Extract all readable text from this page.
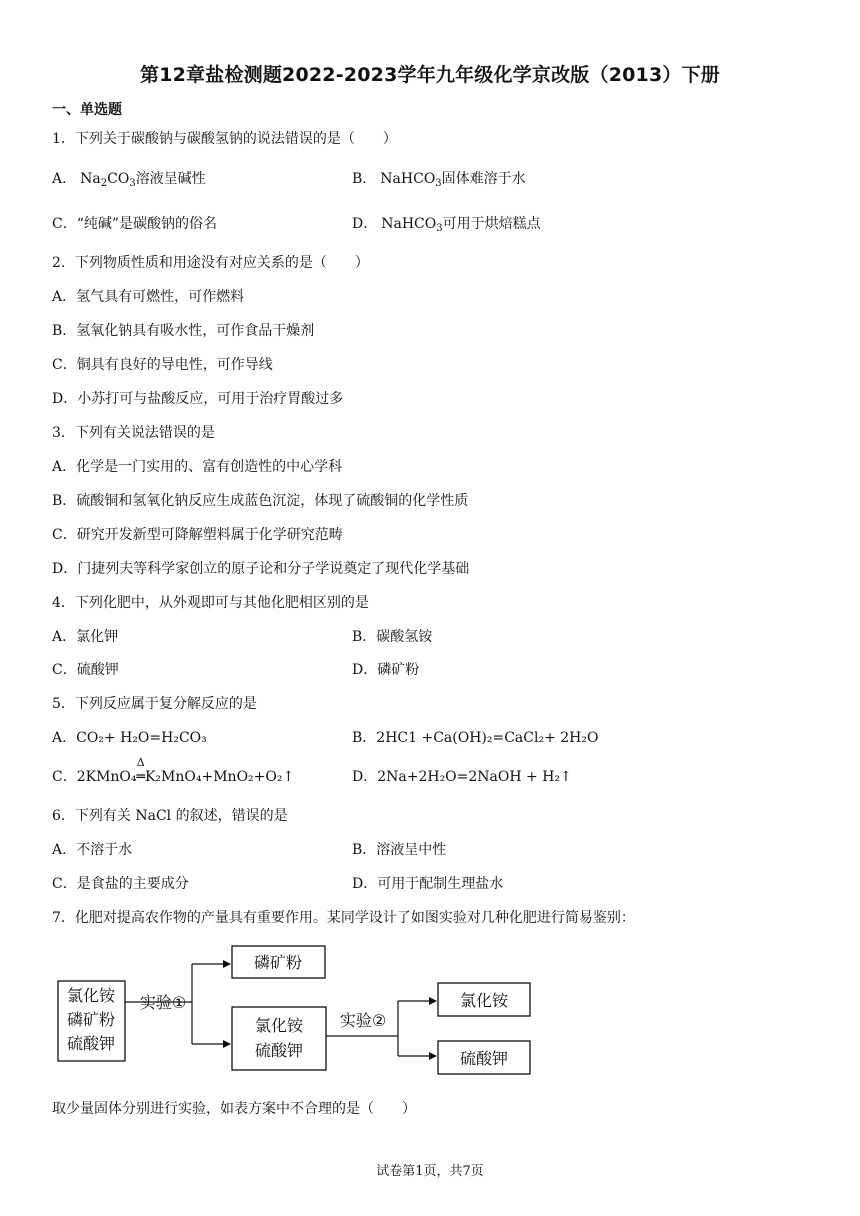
第12章盐检测题2022-2023学年九年级化学京改版（2013）下册
一、单选题
1．下列关于碳酸钠与碳酸氢钠的说法错误的是（　　）
A． $Na_2CO_3$溶液呈碱性	B． NaHCO$_3$固体难溶于水
C．“纯碱”是碳酸钠的俗名	D． NaHCO$_3$可用于烘焙糕点
2．下列物质性质和用途没有对应关系的是（　　）
A．氢气具有可燃性，可作燃料
B．氢氧化钠具有吸水性，可作食品干燥剂
C．铜具有良好的导电性，可作导线
D．小苏打可与盐酸反应，可用于治疗胃酸过多
3．下列有关说法错误的是
A．化学是一门实用的、富有创造性的中心学科
B．硫酸铜和氢氧化钠反应生成蓝色沉淀，体现了硫酸铜的化学性质
C．研究开发新型可降解塑料属于化学研究范畴
D．门捷列夫等科学家创立的原子论和分子学说奠定了现代化学基础
4．下列化肥中，从外观即可与其他化肥相区别的是
A．氯化钾	B．碳酸氢铵
C．硫酸钾	D．磷矿粉
5．下列反应属于复分解反应的是
A．CO₂+ H₂O=H₂CO₃	B．2HC1 +Ca(OH)₂=CaCl₂+ 2H₂O
C．2KMnO₄
Δ
═K₂MnO₄+MnO₂+O₂↑	D．2Na+2H₂O=2NaOH + H₂↑
6．下列有关 NaCl 的叙述，错误的是
A．不溶于水	B．溶液呈中性
C．是食盐的主要成分	D．可用于配制生理盐水
7．化肥对提高农作物的产量具有重要作用。某同学设计了如图实验对几种化肥进行简易鉴别：
氯化铵
磷矿粉
硫酸钾
实验①
磷矿粉
氯化铵
硫酸钾
实验②
氯化铵
硫酸钾
取少量固体分别进行实验，如表方案中不合理的是（　　）
试卷第1页，共7页
